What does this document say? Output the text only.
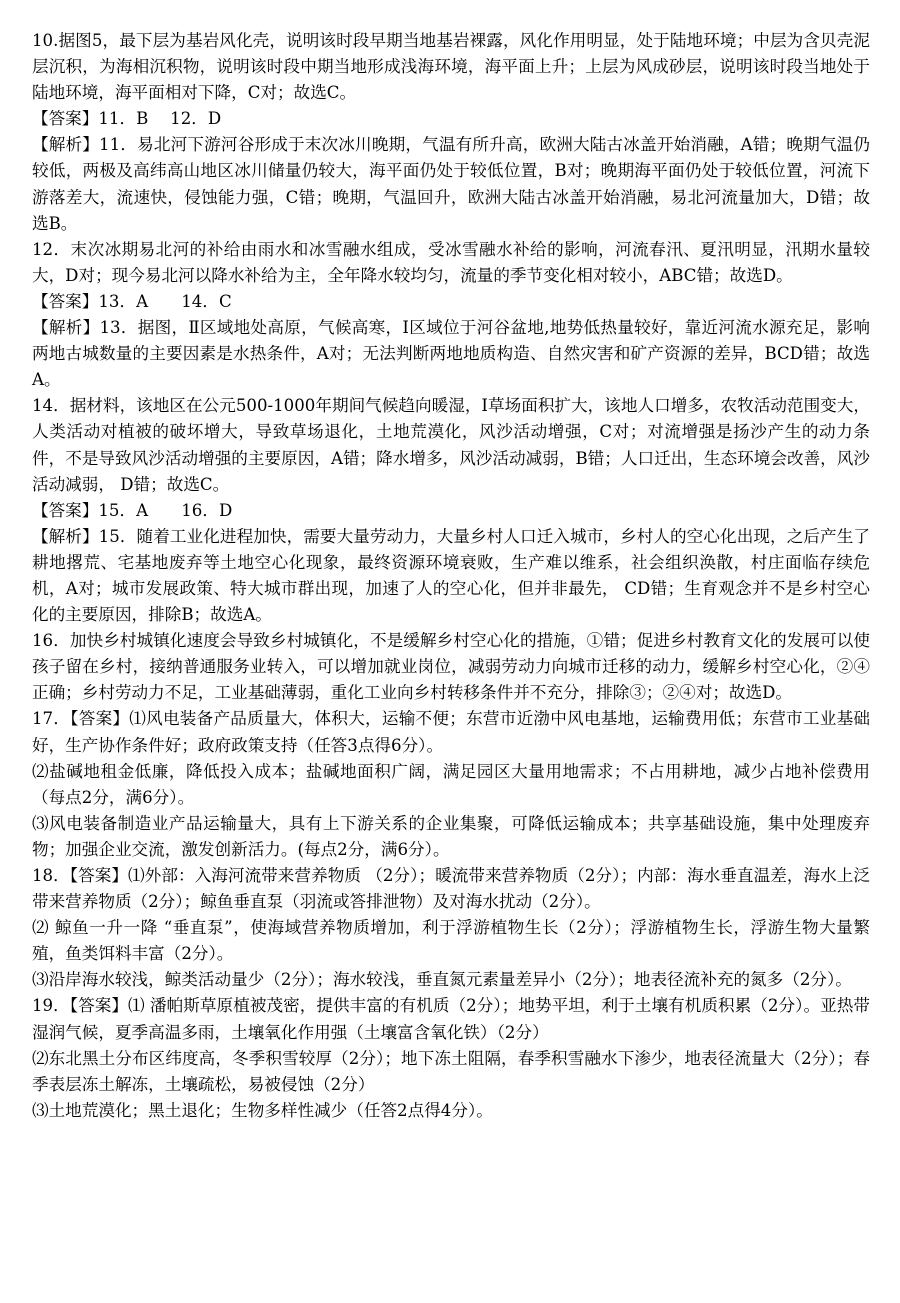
10.据图5，最下层为基岩风化壳，说明该时段早期当地基岩裸露，风化作用明显，处于陆地环境；中层为含贝壳泥层沉积，为海相沉积物，说明该时段中期当地形成浅海环境，海平面上升；上层为风成砂层，说明该时段当地处于陆地环境，海平面相对下降，C对；故选C。

【答案】11．B　 12．D

【解析】11．易北河下游河谷形成于末次冰川晚期，气温有所升高，欧洲大陆古冰盖开始消融，A错；晚期气温仍较低，两极及高纬高山地区冰川储量仍较大，海平面仍处于较低位置，B对；晚期海平面仍处于较低位置，河流下游落差大，流速快，侵蚀能力强，C错；晚期，气温回升，欧洲大陆古冰盖开始消融，易北河流量加大，D错；故选B。

12．末次冰期易北河的补给由雨水和冰雪融水组成，受冰雪融水补给的影响，河流春汛、夏汛明显，汛期水量较大，D对；现今易北河以降水补给为主，全年降水较均匀，流量的季节变化相对较小，ABC错；故选D。

【答案】13．A　　14．C

【解析】13．据图，Ⅱ区域地处高原，气候高寒，Ⅰ区域位于河谷盆地,地势低热量较好，靠近河流水源充足，影响两地古城数量的主要因素是水热条件，A对；无法判断两地地质构造、自然灾害和矿产资源的差异，BCD错；故选A。

14．据材料，该地区在公元500-1000年期间气候趋向暖湿，Ⅰ草场面积扩大，该地人口增多，农牧活动范围变大，人类活动对植被的破坏增大，导致草场退化，土地荒漠化，风沙活动增强，C对；对流增强是扬沙产生的动力条件，不是导致风沙活动增强的主要原因，A错；降水增多，风沙活动减弱，B错；人口迁出，生态环境会改善，风沙活动减弱， D错；故选C。

【答案】15．A　　16．D

【解析】15．随着工业化进程加快，需要大量劳动力，大量乡村人口迁入城市，乡村人的空心化出现，之后产生了耕地撂荒、宅基地废弃等土地空心化现象，最终资源环境衰败，生产难以维系，社会组织涣散，村庄面临存续危机，A对；城市发展政策、特大城市群出现，加速了人的空心化，但并非最先， CD错；生育观念并不是乡村空心化的主要原因，排除B；故选A。

16．加快乡村城镇化速度会导致乡村城镇化，不是缓解乡村空心化的措施，①错；促进乡村教育文化的发展可以使孩子留在乡村，接纳普通服务业转入，可以增加就业岗位，减弱劳动力向城市迁移的动力，缓解乡村空心化，②④正确；乡村劳动力不足，工业基础薄弱，重化工业向乡村转移条件并不充分，排除③；②④对；故选D。

17．【答案】⑴风电装备产品质量大，体积大，运输不便；东营市近渤中风电基地，运输费用低；东营市工业基础好，生产协作条件好；政府政策支持（任答3点得6分）。

⑵盐碱地租金低廉，降低投入成本；盐碱地面积广阔，满足园区大量用地需求；不占用耕地，减少占地补偿费用（每点2分，满6分）。

⑶风电装备制造业产品运输量大，具有上下游关系的企业集聚，可降低运输成本；共享基础设施，集中处理废弃物；加强企业交流，激发创新活力。(每点2分，满6分）。

18．【答案】⑴外部：入海河流带来营养物质 （2分）；暖流带来营养物质（2分）；内部：海水垂直温差，海水上泛带来营养物质（2分）；鲸鱼垂直泵（羽流或答排泄物）及对海水扰动（2分）。

⑵ 鲸鱼一升一降 “垂直泵”，使海域营养物质增加，利于浮游植物生长（2分）；浮游植物生长，浮游生物大量繁殖，鱼类饵料丰富（2分）。

⑶沿岸海水较浅，鲸类活动量少（2分）；海水较浅，垂直氮元素量差异小（2分）；地表径流补充的氮多（2分）。

19．【答案】⑴ 潘帕斯草原植被茂密，提供丰富的有机质（2分）；地势平坦，利于土壤有机质积累（2分）。亚热带湿润气候，夏季高温多雨，土壤氧化作用强（土壤富含氧化铁）（2分）

⑵东北黑土分布区纬度高，冬季积雪较厚（2分）；地下冻土阻隔，春季积雪融水下渗少，地表径流量大（2分）；春季表层冻土解冻，土壤疏松，易被侵蚀（2分）

⑶土地荒漠化；黑土退化；生物多样性减少（任答2点得4分）。
